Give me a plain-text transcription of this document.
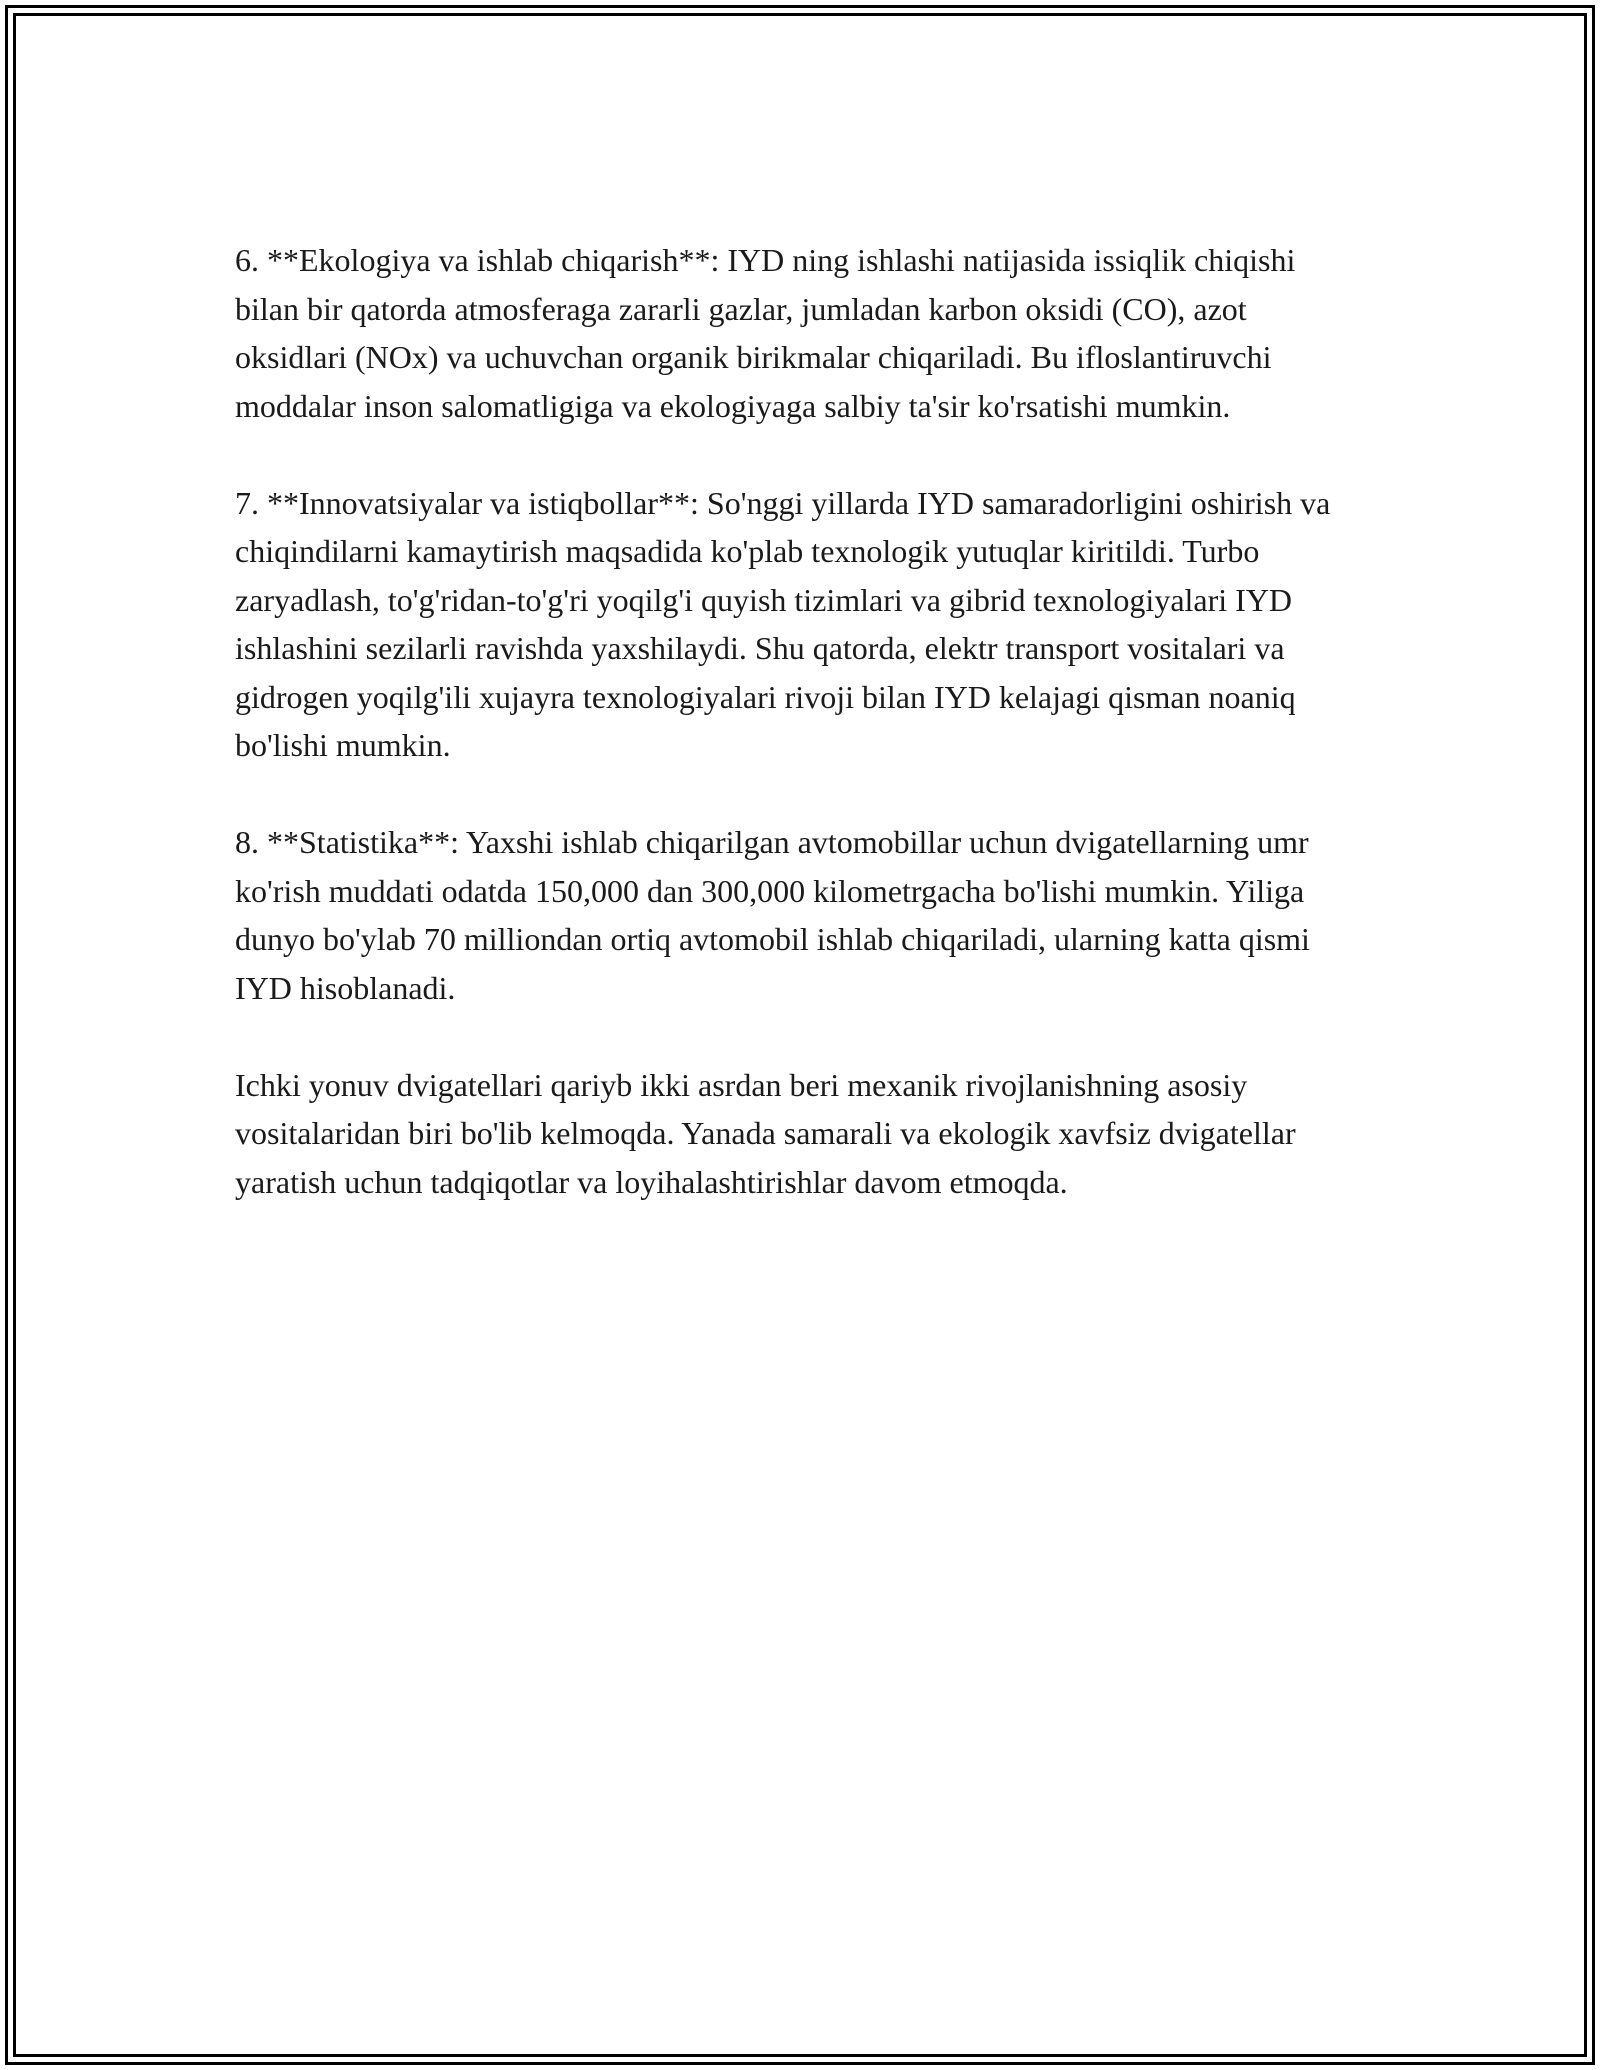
6. **Ekologiya va ishlab chiqarish**: IYD ning ishlashi natijasida issiqlik chiqishi bilan bir qatorda atmosferaga zararli gazlar, jumladan karbon oksidi (CO), azot oksidlari (NOx) va uchuvchan organik birikmalar chiqariladi. Bu ifloslantiruvchi moddalar inson salomatligiga va ekologiyaga salbiy ta'sir ko'rsatishi mumkin.

7. **Innovatsiyalar va istiqbollar**: So'nggi yillarda IYD samaradorligini oshirish va chiqindilarni kamaytirish maqsadida ko'plab texnologik yutuqlar kiritildi. Turbo zaryadlash, to'g'ridan-to'g'ri yoqilg'i quyish tizimlari va gibrid texnologiyalari IYD ishlashini sezilarli ravishda yaxshilaydi. Shu qatorda, elektr transport vositalari va gidrogen yoqilg'ili xujayra texnologiyalari rivoji bilan IYD kelajagi qisman noaniq bo'lishi mumkin.

8. **Statistika**: Yaxshi ishlab chiqarilgan avtomobillar uchun dvigatellarning umr ko'rish muddati odatda 150,000 dan 300,000 kilometrgacha bo'lishi mumkin. Yiliga dunyo bo'ylab 70 milliondan ortiq avtomobil ishlab chiqariladi, ularning katta qismi IYD hisoblanadi.

Ichki yonuv dvigatellari qariyb ikki asrdan beri mexanik rivojlanishning asosiy vositalaridan biri bo'lib kelmoqda. Yanada samarali va ekologik xavfsiz dvigatellar yaratish uchun tadqiqotlar va loyihalashtirishlar davom etmoqda.
